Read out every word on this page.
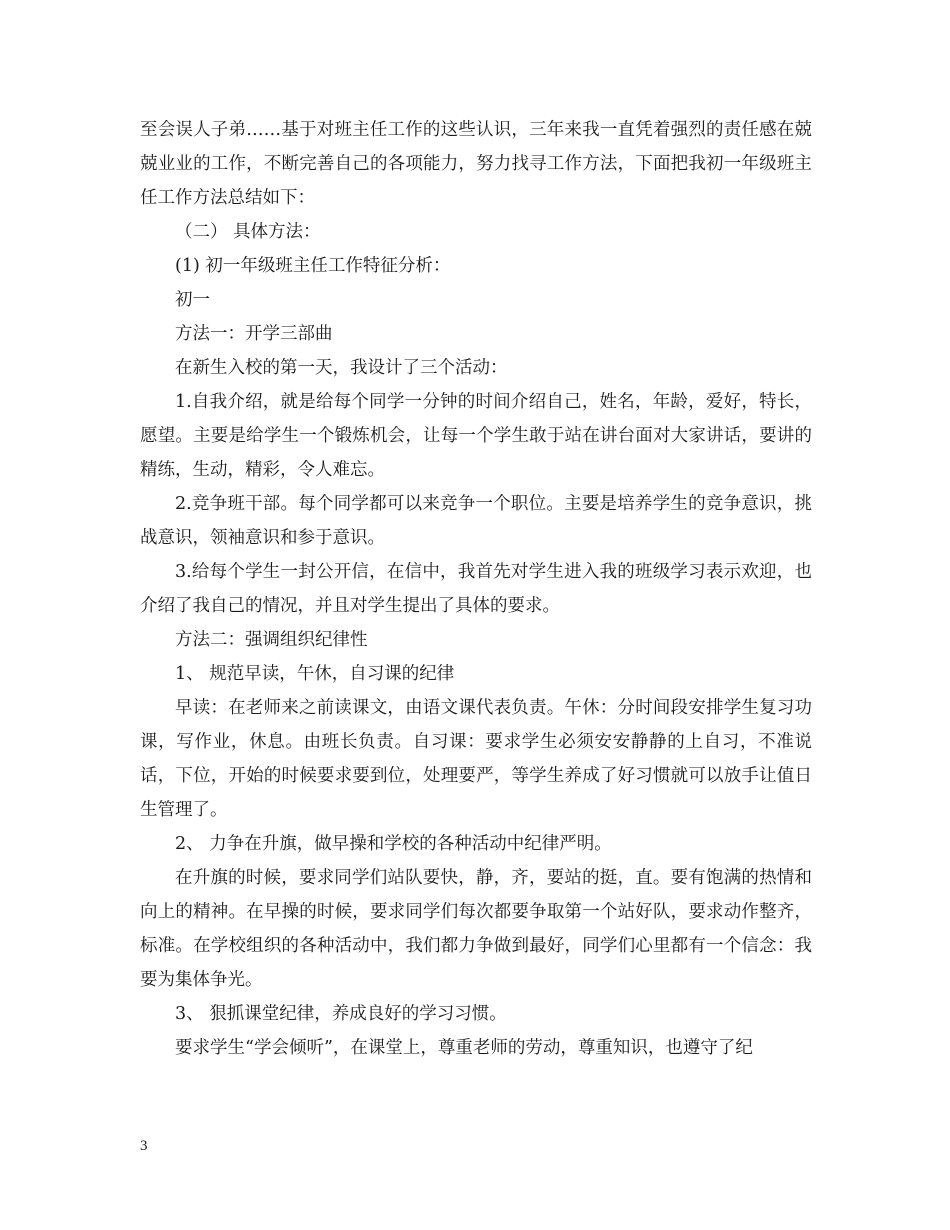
至会误人子弟……基于对班主任工作的这些认识，三年来我一直凭着强烈的责任感在兢兢业业的工作，不断完善自己的各项能力，努力找寻工作方法，下面把我初一年级班主任工作方法总结如下：

（二） 具体方法：

(1) 初一年级班主任工作特征分析：

初一

方法一：开学三部曲

在新生入校的第一天，我设计了三个活动：

1.自我介绍，就是给每个同学一分钟的时间介绍自己，姓名，年龄，爱好，特长，愿望。主要是给学生一个锻炼机会，让每一个学生敢于站在讲台面对大家讲话，要讲的精练，生动，精彩，令人难忘。

2.竞争班干部。每个同学都可以来竞争一个职位。主要是培养学生的竞争意识，挑战意识，领袖意识和参于意识。

3.给每个学生一封公开信，在信中，我首先对学生进入我的班级学习表示欢迎，也介绍了我自己的情况，并且对学生提出了具体的要求。

方法二：强调组织纪律性

1、 规范早读，午休，自习课的纪律

早读：在老师来之前读课文，由语文课代表负责。午休：分时间段安排学生复习功课，写作业，休息。由班长负责。自习课：要求学生必须安安静静的上自习，不准说话，下位，开始的时候要求要到位，处理要严，等学生养成了好习惯就可以放手让值日生管理了。

2、 力争在升旗，做早操和学校的各种活动中纪律严明。

在升旗的时候，要求同学们站队要快，静，齐，要站的挺，直。要有饱满的热情和向上的精神。在早操的时候，要求同学们每次都要争取第一个站好队，要求动作整齐，标准。在学校组织的各种活动中，我们都力争做到最好，同学们心里都有一个信念：我要为集体争光。

3、 狠抓课堂纪律，养成良好的学习习惯。

要求学生“学会倾听”，在课堂上，尊重老师的劳动，尊重知识，也遵守了纪

3
